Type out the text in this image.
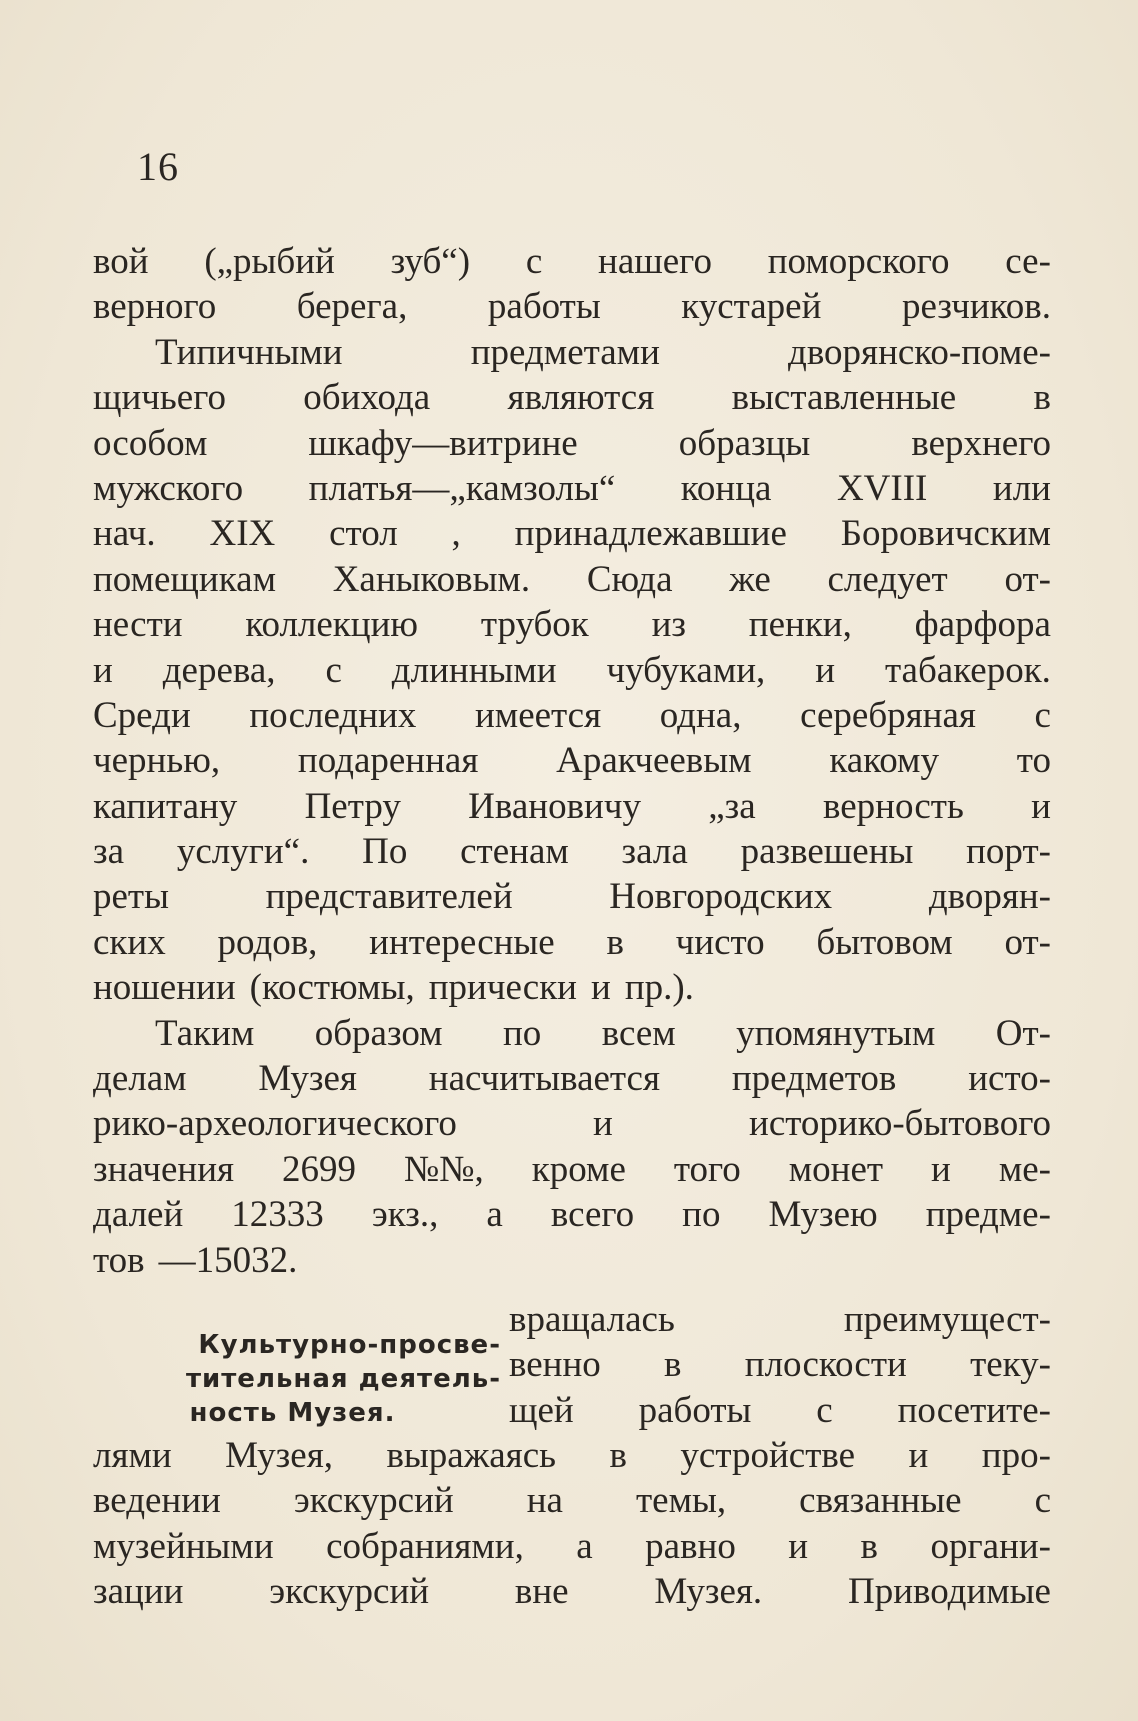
16
вой („рыбий зуб“) с нашего поморского се-
верного берега, работы кустарей резчиков.
Типичными	предметами	дворянско-поме-
щичьего обихода являются выставленные в
особом	шкафу—витрине	образцы	верхнего
мужского платья—„камзолы“ конца XVIII или
нач. XIX стол , принадлежавшие Боровичским
помещикам Ханыковым. Сюда же следует от-
нести коллекцию трубок из пенки, фарфора
и дерева, с длинными чубуками, и табакерок.
Среди последних имеется одна, серебряная с
чернью, подаренная Аракчеевым какому то
капитану Петру Ивановичу „за верность и
за услуги“. По стенам зала развешены порт-
реты	представителей	Новгородских	дворян-
ских родов, интересные в чисто бытовом от-
ношении (костюмы, прически и пр.).
Таким образом по всем упомянутым От-
делам Музея насчитывается предметов исто-
рико-археологического	и	историко-бытового
значения 2699 №№, кроме того монет и ме-
далей 12333 экз., а всего по Музею предме-
тов —15032.
Культурно-просве-
тительная деятель-
ность Музея.
вращалась	преимущест-
венно в плоскости теку-
щей работы с посетите-
лями Музея, выражаясь в устройстве и про-
ведении экскурсий на темы, связанные с
музейными собраниями, а равно и в органи-
зации экскурсий вне Музея. Приводимые
